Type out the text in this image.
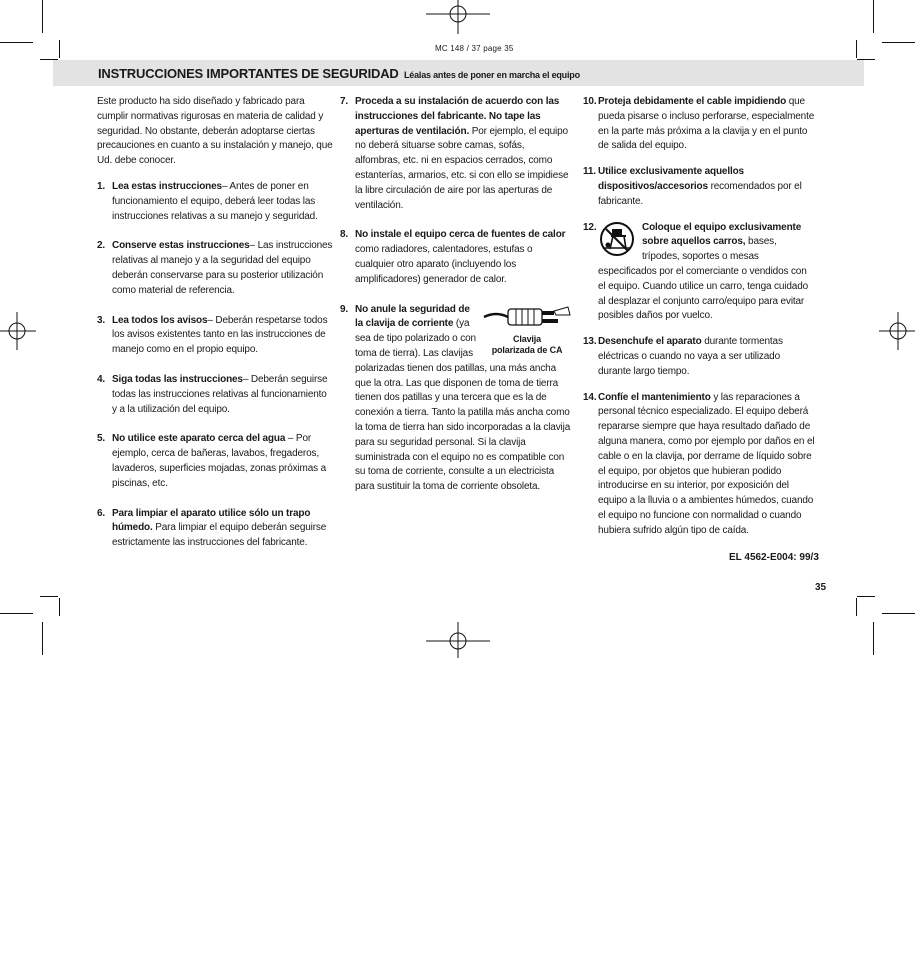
MC 148 / 37 page 35
INSTRUCCIONES IMPORTANTES DE SEGURIDAD Léalas antes de poner en marcha el equipo

Este producto ha sido diseñado y fabricado para cumplir normativas rigurosas en materia de calidad y seguridad. No obstante, deberán adoptarse ciertas precauciones en cuanto a su instalación y manejo, que Ud. debe conocer.

1. Lea estas instrucciones– Antes de poner en funcionamiento el equipo, deberá leer todas las instrucciones relativas a su manejo y seguridad.
2. Conserve estas instrucciones– Las instrucciones relativas al manejo y a la seguridad del equipo deberán conservarse para su posterior utilización como material de referencia.
3. Lea todos los avisos– Deberán respetarse todos los avisos existentes tanto en las instrucciones de manejo como en el propio equipo.
4. Siga todas las instrucciones– Deberán seguirse todas las instrucciones relativas al funcionamiento y a la utilización del equipo.
5. No utilice este aparato cerca del agua – Por ejemplo, cerca de bañeras, lavabos, fregaderos, lavaderos, superficies mojadas, zonas próximas a piscinas, etc.
6. Para limpiar el aparato utilice sólo un trapo húmedo. Para limpiar el equipo deberán seguirse estrictamente las instrucciones del fabricante.
7. Proceda a su instalación de acuerdo con las instrucciones del fabricante. No tape las aperturas de ventilación. Por ejemplo, el equipo no deberá situarse sobre camas, sofás, alfombras, etc. ni en espacios cerrados, como estanterías, armarios, etc. si con ello se impidiese la libre circulación de aire por las aperturas de ventilación.
8. No instale el equipo cerca de fuentes de calor como radiadores, calentadores, estufas o cualquier otro aparato (incluyendo los amplificadores) generador de calor.
9.
Clavija
polarizada de CA
No anule la seguridad de la clavija de corriente (ya sea de tipo polarizado o con toma de tierra). Las clavijas polarizadas tienen dos patillas, una más ancha que la otra. Las que disponen de toma de tierra tienen dos patillas y una tercera que es la de conexión a tierra. Tanto la patilla más ancha como la toma de tierra han sido incorporadas a la clavija para su seguridad personal. Si la clavija suministrada con el equipo no es compatible con su toma de corriente, consulte a un electricista para sustituir la toma de corriente obsoleta.
10. Proteja debidamente el cable impidiendo que pueda pisarse o incluso perforarse, especialmente en la parte más próxima a la clavija y en el punto de salida del equipo.
11. Utilice exclusivamente aquellos dispositivos/accesorios recomendados por el fabricante.
12.	Coloque el equipo exclusivamente sobre aquellos carros, bases, trípodes, soportes o mesas especificados por el comerciante o vendidos con el equipo. Cuando utilice un carro, tenga cuidado al desplazar el conjunto carro/equipo para evitar posibles daños por vuelco.
13. Desenchufe el aparato durante tormentas eléctricas o cuando no vaya a ser utilizado durante largo tiempo.
14. Confíe el mantenimiento y las reparaciones a personal técnico especializado. El equipo deberá repararse siempre que haya resultado dañado de alguna manera, como por ejemplo por daños en el cable o en la clavija, por derrame de líquido sobre el equipo, por objetos que hubieran podido introducirse en su interior, por exposición del equipo a la lluvia o a ambientes húmedos, cuando el equipo no funcione con normalidad o cuando hubiera sufrido algún tipo de caída.
EL 4562-E004: 99/3
35
